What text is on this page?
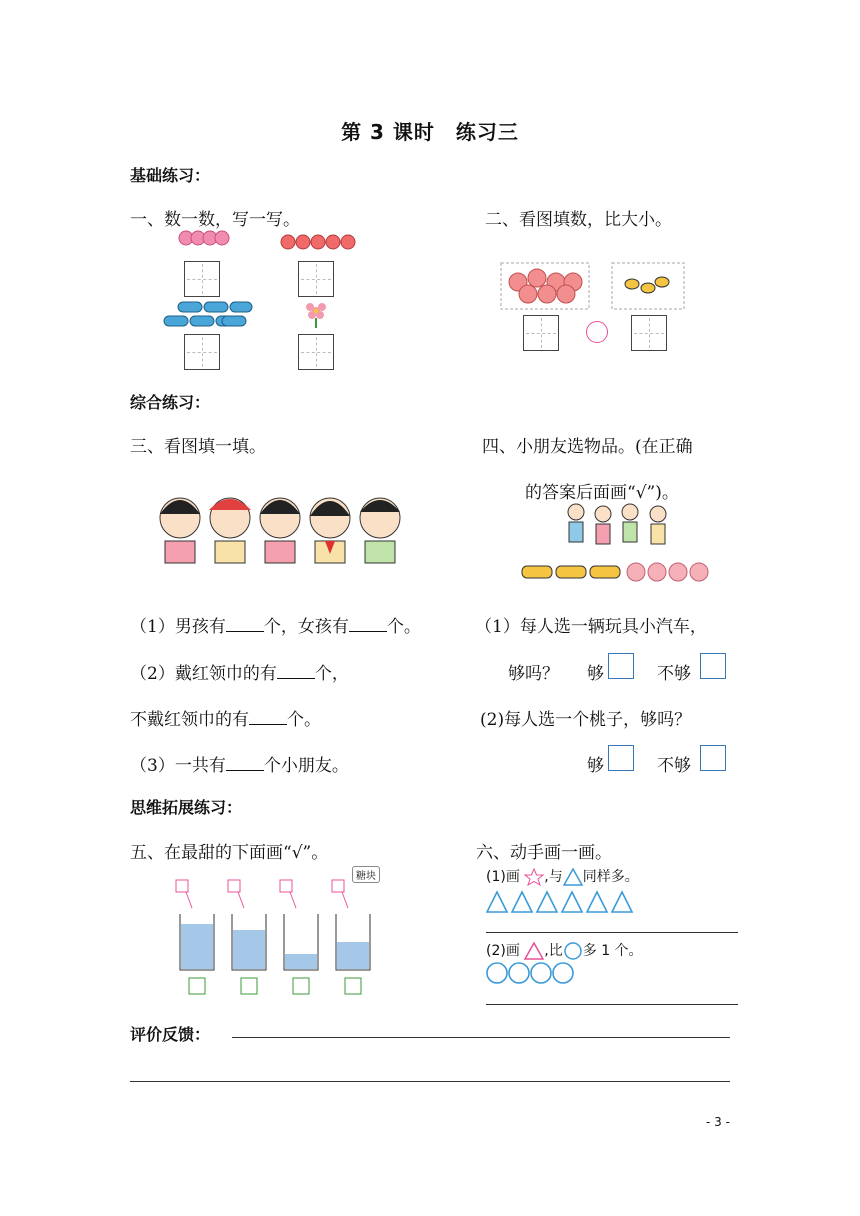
第 3 课时　练习三
基础练习：
一、数一数，写一写。	二、看图填数，比大小。
综合练习：
三、看图填一填。	四、小朋友选物品。(在正确
的答案后面画“√”)。
（1）男孩有 个，女孩有 个。
（2）戴红领巾的有 个，
不戴红领巾的有 个。
（3）一共有 个小朋友。
（1）每人选一辆玩具小汽车，
够吗？ 够	不够
(2)每人选一个桃子，够吗？
够	不够
思维拓展练习：
五、在最甜的下面画“√”。	六、动手画一画。
糖块	(1)画 ,与 同样多。
(2)画 ,比 多 1 个。
评价反馈：
- 3 -
